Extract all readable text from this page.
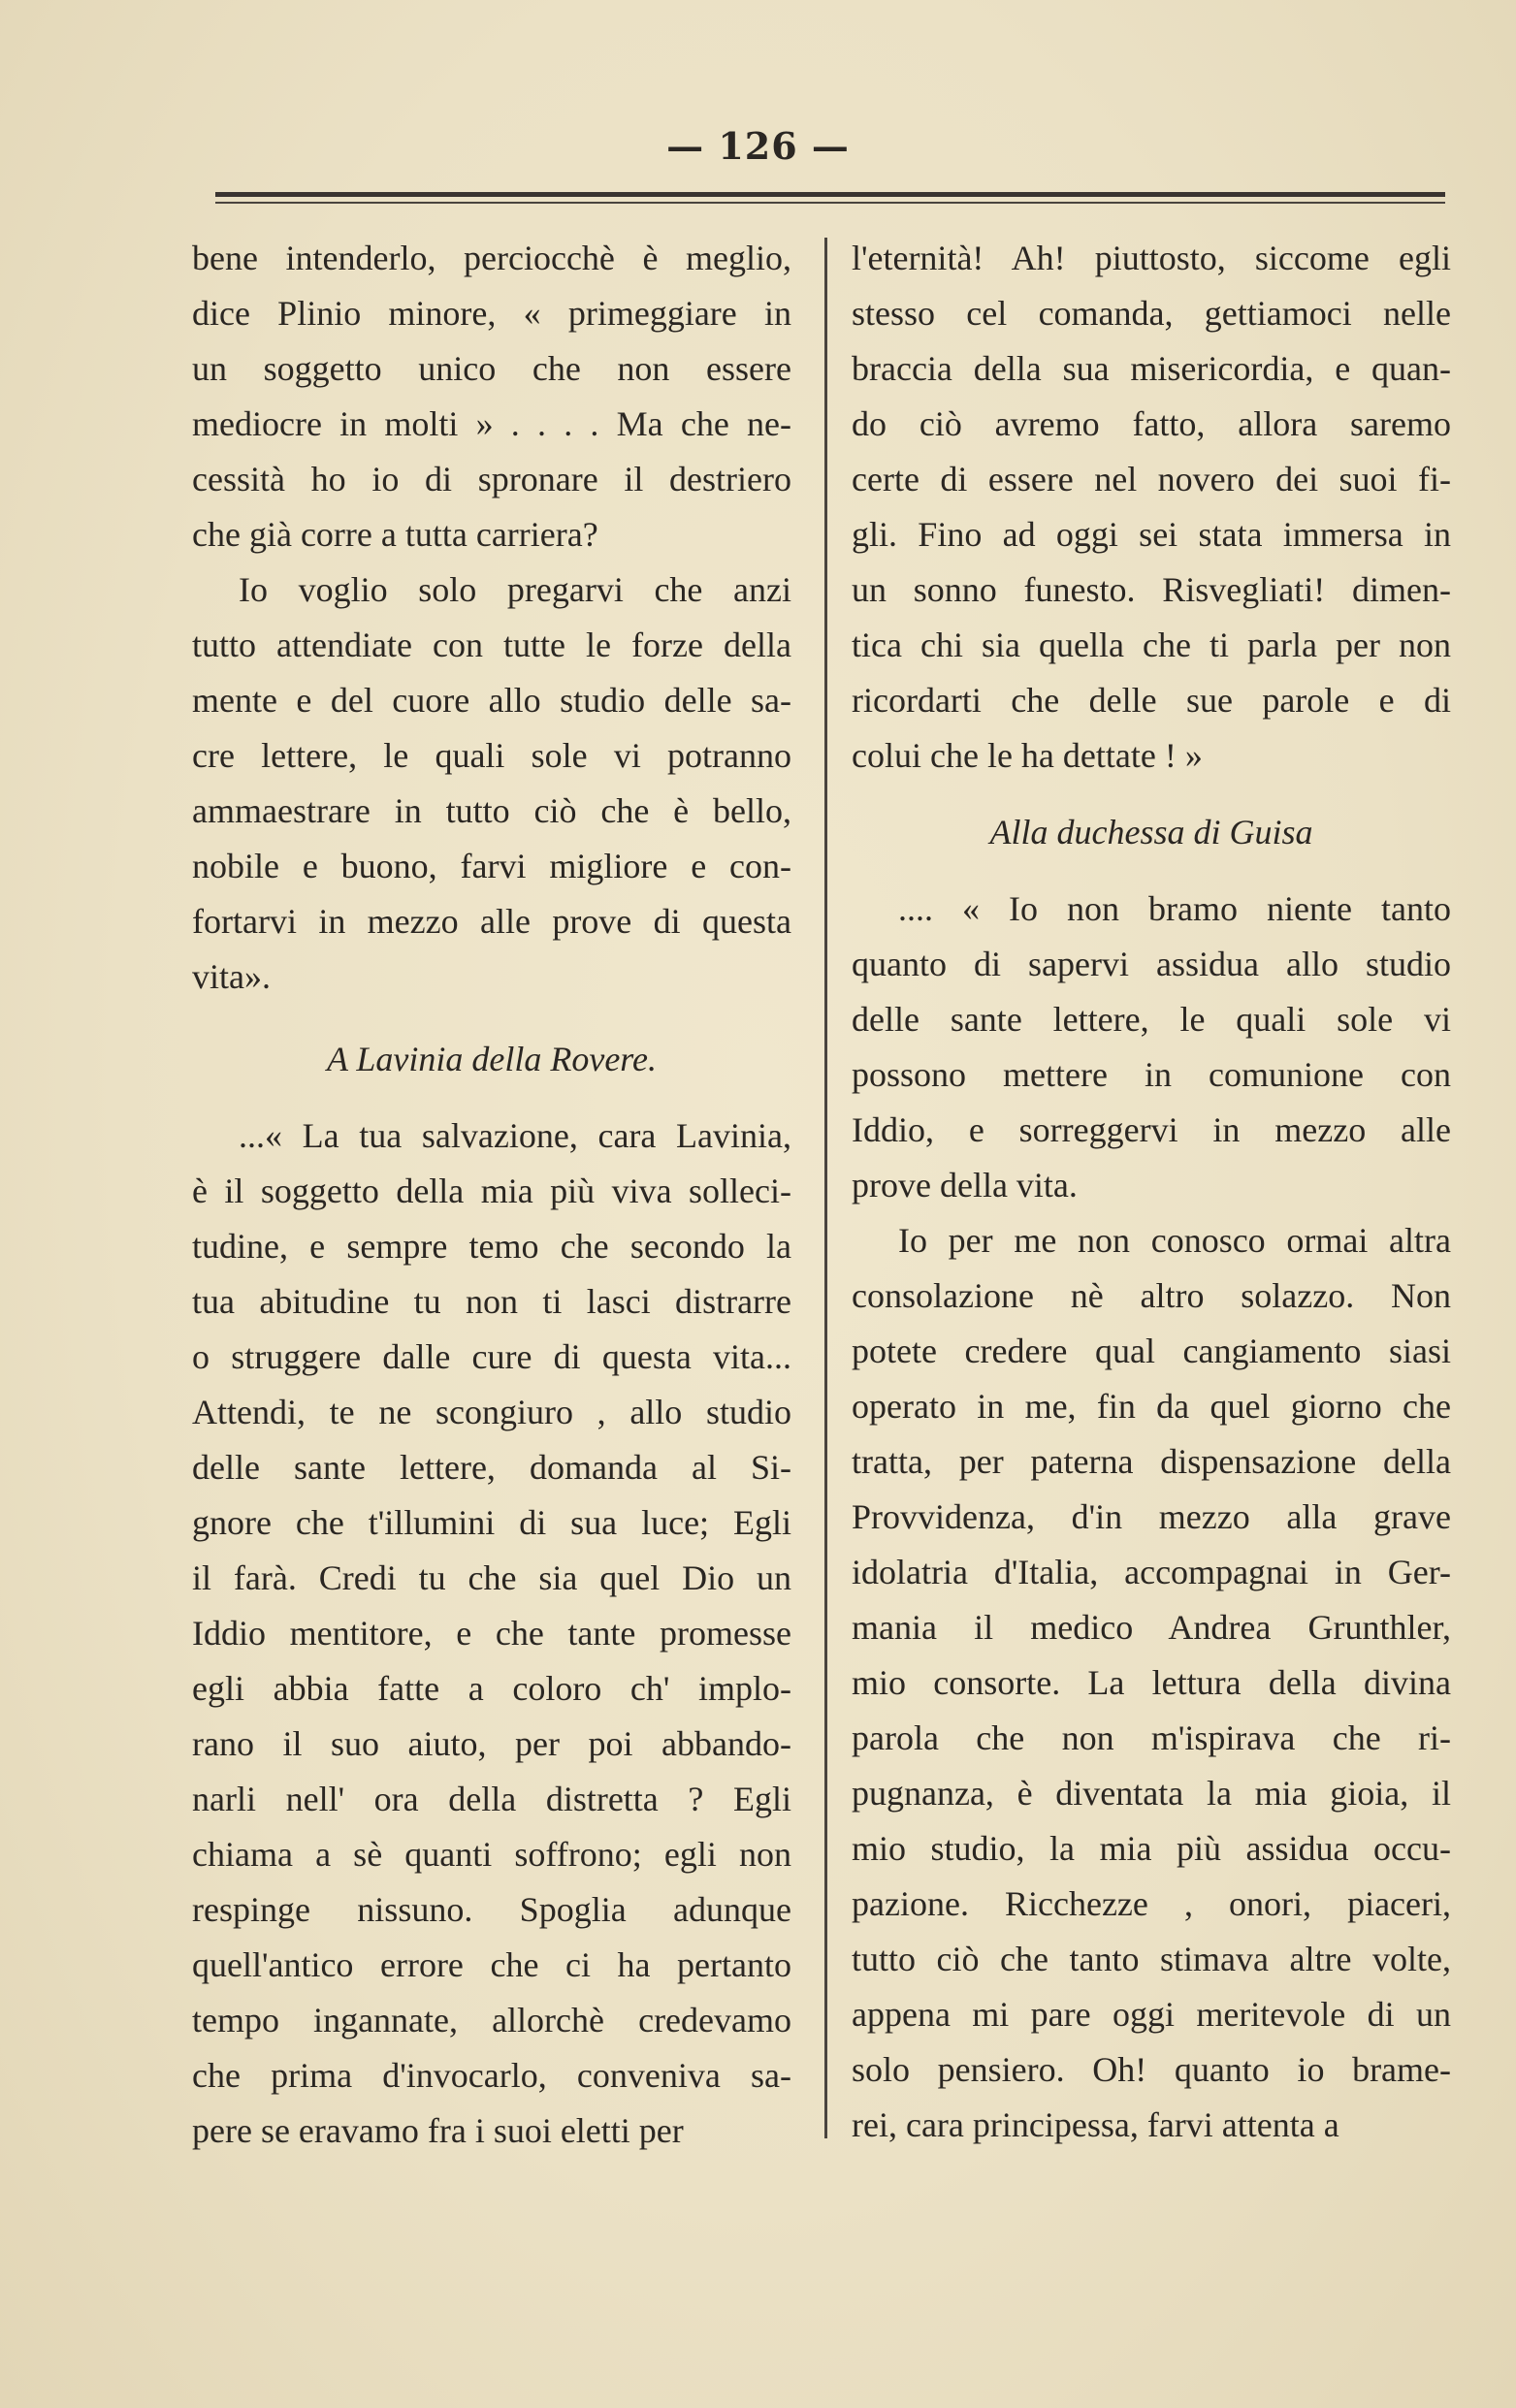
— 126 —
bene intenderlo, perciocchè è meglio,
dice Plinio minore, « primeggiare in
un soggetto unico che non essere
mediocre in molti » . . . . Ma che ne-
cessità ho io di spronare il destriero
che già corre a tutta carriera?
Io voglio solo pregarvi che anzi
tutto attendiate con tutte le forze della
mente e del cuore allo studio delle sa-
cre lettere, le quali sole vi potranno
ammaestrare in tutto ciò che è bello,
nobile e buono, farvi migliore e con-
fortarvi in mezzo alle prove di questa
vita».
A Lavinia della Rovere.
...« La tua salvazione, cara Lavinia,
è il soggetto della mia più viva solleci-
tudine, e sempre temo che secondo la
tua abitudine tu non ti lasci distrarre
o struggere dalle cure di questa vita...
Attendi, te ne scongiuro , allo studio
delle sante lettere, domanda al Si-
gnore che t'illumini di sua luce; Egli
il farà. Credi tu che sia quel Dio un
Iddio mentitore, e che tante promesse
egli abbia fatte a coloro ch' implo-
rano il suo aiuto, per poi abbando-
narli nell' ora della distretta ? Egli
chiama a sè quanti soffrono; egli non
respinge nissuno. Spoglia adunque
quell'antico errore che ci ha pertanto
tempo ingannate, allorchè credevamo
che prima d'invocarlo, conveniva sa-
pere se eravamo fra i suoi eletti per
l'eternità! Ah! piuttosto, siccome egli
stesso cel comanda, gettiamoci nelle
braccia della sua misericordia, e quan-
do ciò avremo fatto, allora saremo
certe di essere nel novero dei suoi fi-
gli. Fino ad oggi sei stata immersa in
un sonno funesto. Risvegliati! dimen-
tica chi sia quella che ti parla per non
ricordarti che delle sue parole e di
colui che le ha dettate ! »
Alla duchessa di Guisa
.... « Io non bramo niente tanto
quanto di sapervi assidua allo studio
delle sante lettere, le quali sole vi
possono mettere in comunione con
Iddio, e sorreggervi in mezzo alle
prove della vita.
Io per me non conosco ormai altra
consolazione nè altro solazzo. Non
potete credere qual cangiamento siasi
operato in me, fin da quel giorno che
tratta, per paterna dispensazione della
Provvidenza, d'in mezzo alla grave
idolatria d'Italia, accompagnai in Ger-
mania il medico Andrea Grunthler,
mio consorte. La lettura della divina
parola che non m'ispirava che ri-
pugnanza, è diventata la mia gioia, il
mio studio, la mia più assidua occu-
pazione. Ricchezze , onori, piaceri,
tutto ciò che tanto stimava altre volte,
appena mi pare oggi meritevole di un
solo pensiero. Oh! quanto io brame-
rei, cara principessa, farvi attenta a
